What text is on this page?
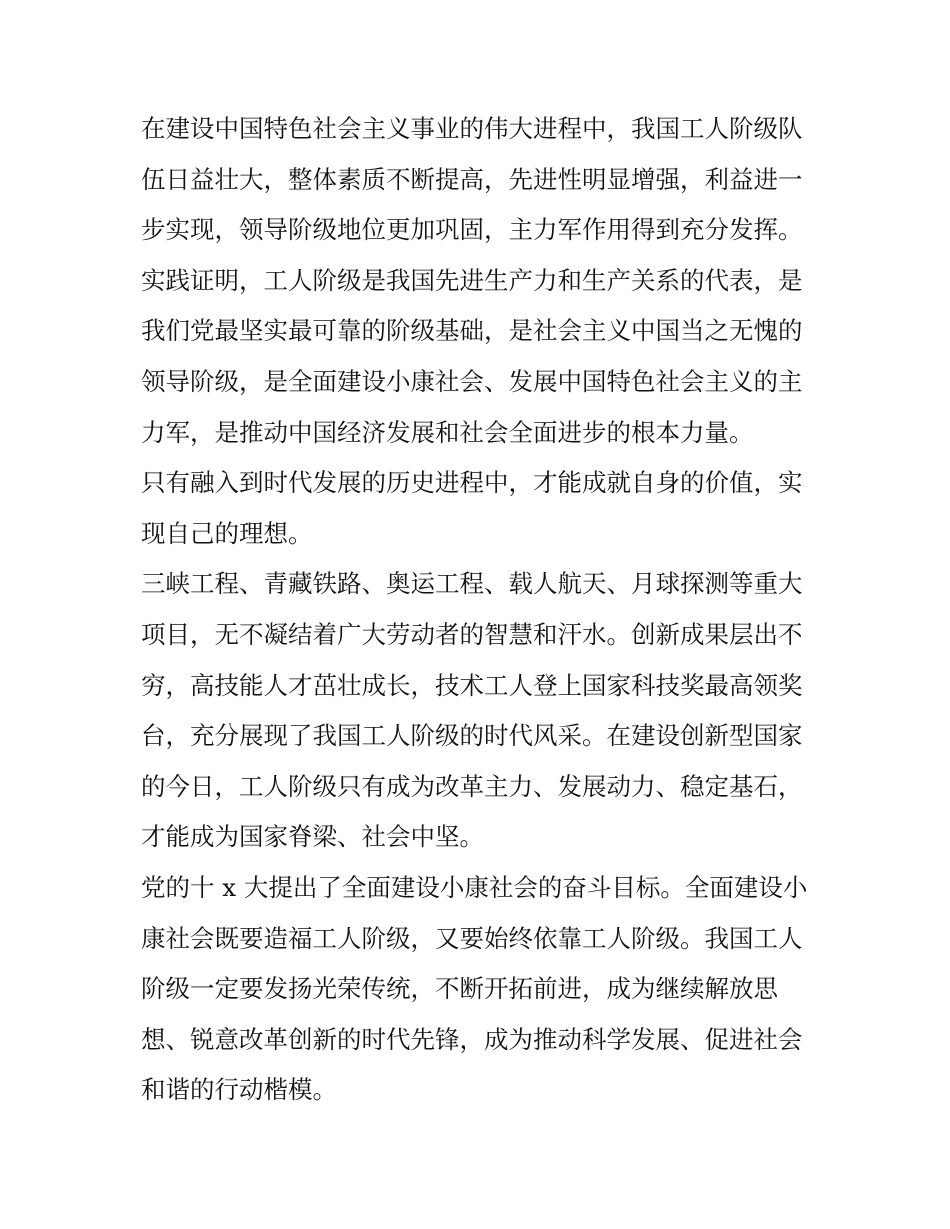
在建设中国特色社会主义事业的伟大进程中，我国工人阶级队

伍日益壮大，整体素质不断提高，先进性明显增强，利益进一

步实现，领导阶级地位更加巩固，主力军作用得到充分发挥。

实践证明，工人阶级是我国先进生产力和生产关系的代表，是

我们党最坚实最可靠的阶级基础，是社会主义中国当之无愧的

领导阶级，是全面建设小康社会、发展中国特色社会主义的主

力军，是推动中国经济发展和社会全面进步的根本力量。

只有融入到时代发展的历史进程中，才能成就自身的价值，实

现自己的理想。

三峡工程、青藏铁路、奥运工程、载人航天、月球探测等重大

项目，无不凝结着广大劳动者的智慧和汗水。创新成果层出不

穷，高技能人才茁壮成长，技术工人登上国家科技奖最高领奖

台，充分展现了我国工人阶级的时代风采。在建设创新型国家

的今日，工人阶级只有成为改革主力、发展动力、稳定基石，

才能成为国家脊梁、社会中坚。

党的十 x 大提出了全面建设小康社会的奋斗目标。全面建设小

康社会既要造福工人阶级，又要始终依靠工人阶级。我国工人

阶级一定要发扬光荣传统，不断开拓前进，成为继续解放思

想、锐意改革创新的时代先锋，成为推动科学发展、促进社会

和谐的行动楷模。
